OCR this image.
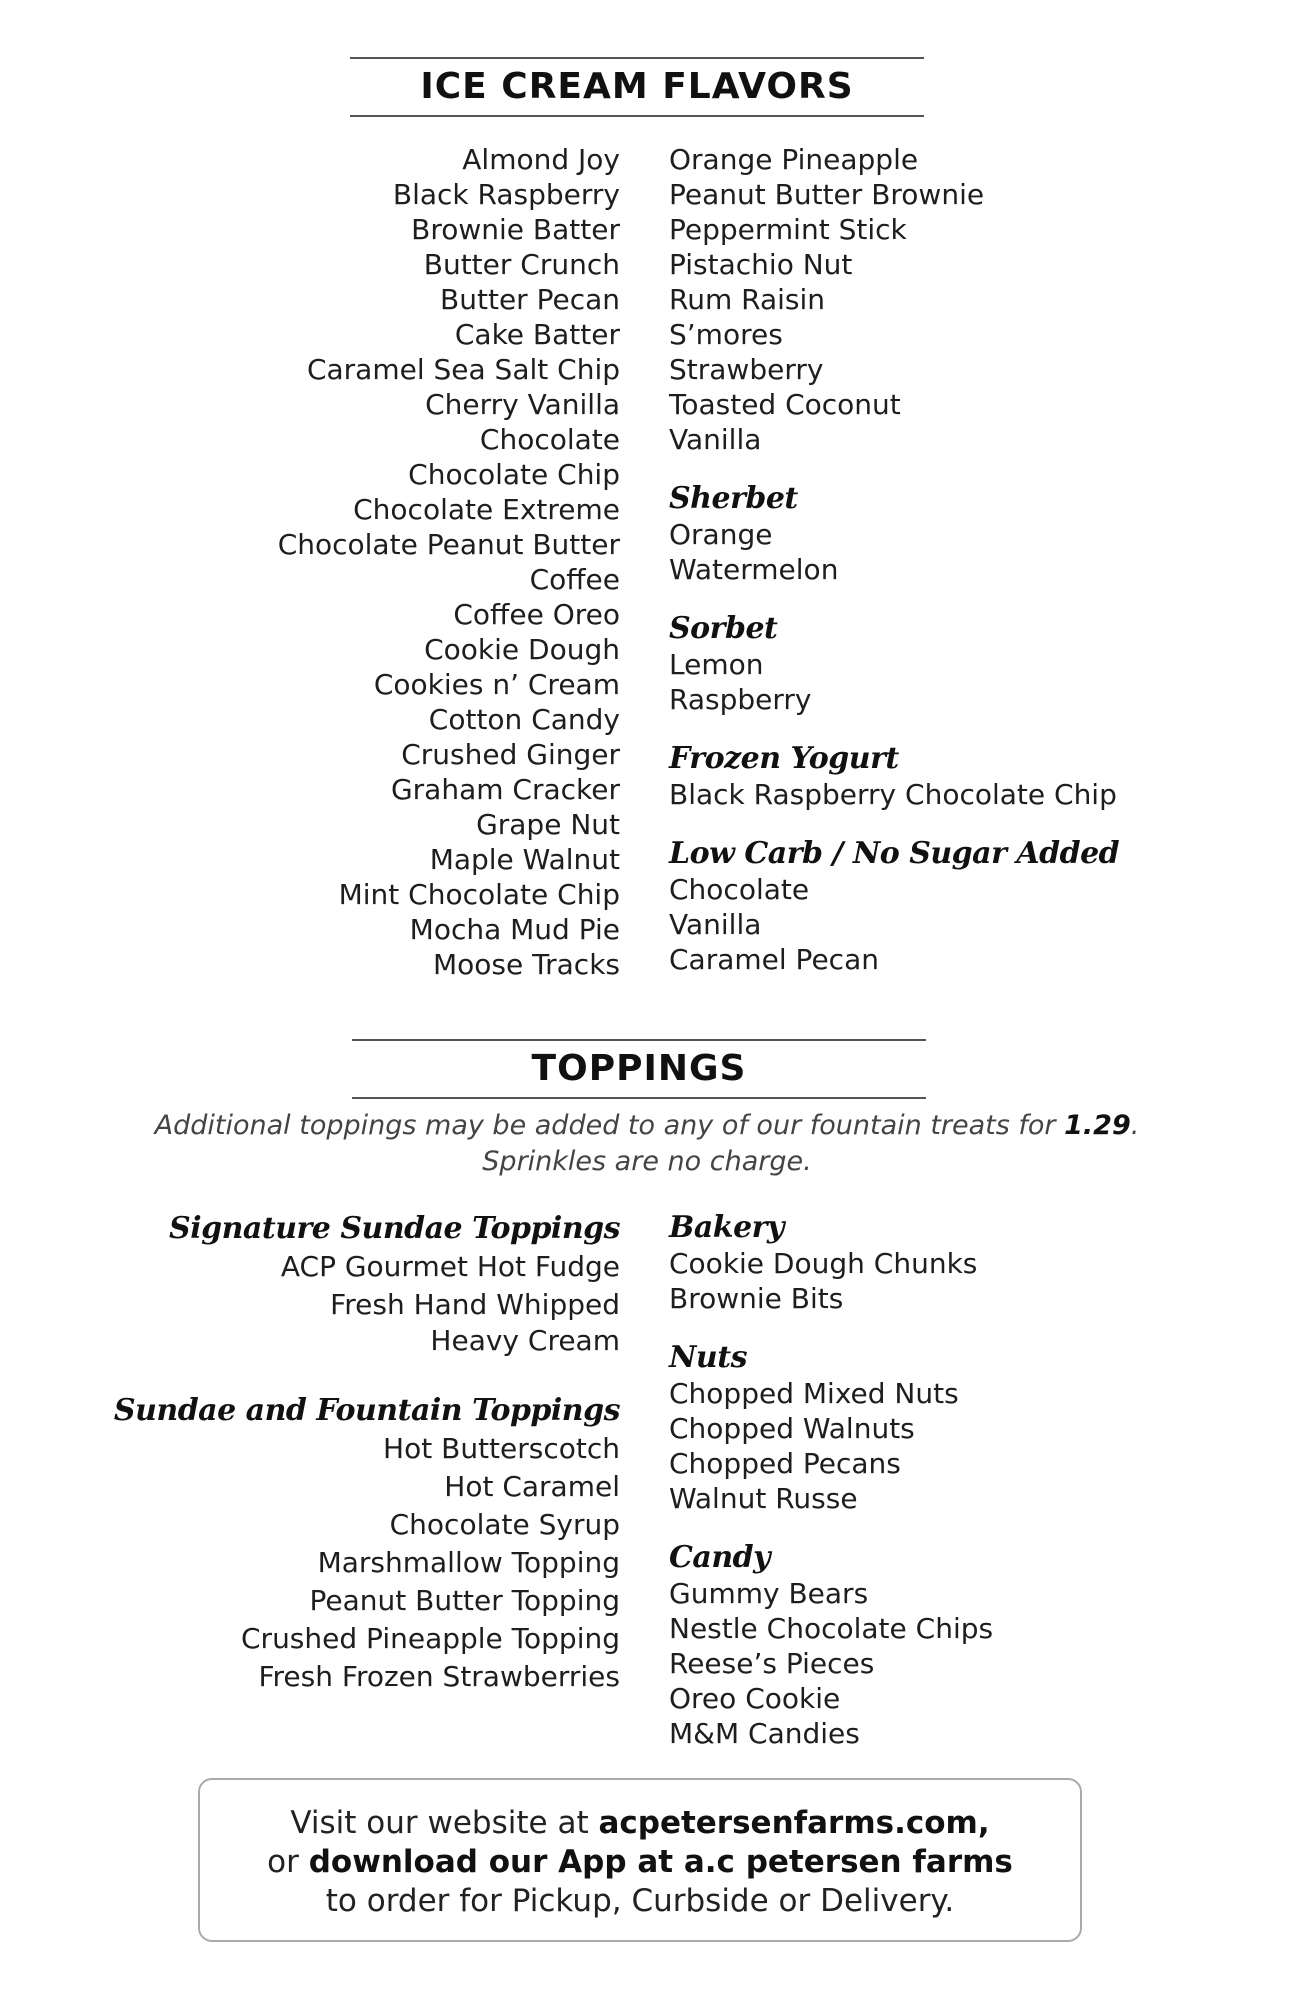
ICE CREAM FLAVORS
Almond Joy
Black Raspberry
Brownie Batter
Butter Crunch
Butter Pecan
Cake Batter
Caramel Sea Salt Chip
Cherry Vanilla
Chocolate
Chocolate Chip
Chocolate Extreme
Chocolate Peanut Butter
Coffee
Coffee Oreo
Cookie Dough
Cookies n’ Cream
Cotton Candy
Crushed Ginger
Graham Cracker
Grape Nut
Maple Walnut
Mint Chocolate Chip
Mocha Mud Pie
Moose Tracks
Orange Pineapple
Peanut Butter Brownie
Peppermint Stick
Pistachio Nut
Rum Raisin
S’mores
Strawberry
Toasted Coconut
Vanilla
Sherbet
Orange
Watermelon
Sorbet
Lemon
Raspberry
Frozen Yogurt
Black Raspberry Chocolate Chip
Low Carb / No Sugar Added
Chocolate
Vanilla
Caramel Pecan
TOPPINGS
Additional toppings may be added to any of our fountain treats for 1.29.
Sprinkles are no charge.
Signature Sundae Toppings
ACP Gourmet Hot Fudge
Fresh Hand Whipped
Heavy Cream
Sundae and Fountain Toppings
Hot Butterscotch
Hot Caramel
Chocolate Syrup
Marshmallow Topping
Peanut Butter Topping
Crushed Pineapple Topping
Fresh Frozen Strawberries
Bakery
Cookie Dough Chunks
Brownie Bits
Nuts
Chopped Mixed Nuts
Chopped Walnuts
Chopped Pecans
Walnut Russe
Candy
Gummy Bears
Nestle Chocolate Chips
Reese’s Pieces
Oreo Cookie
M&M Candies
Visit our website at acpetersenfarms.com,
or download our App at a.c petersen farms
to order for Pickup, Curbside or Delivery.
